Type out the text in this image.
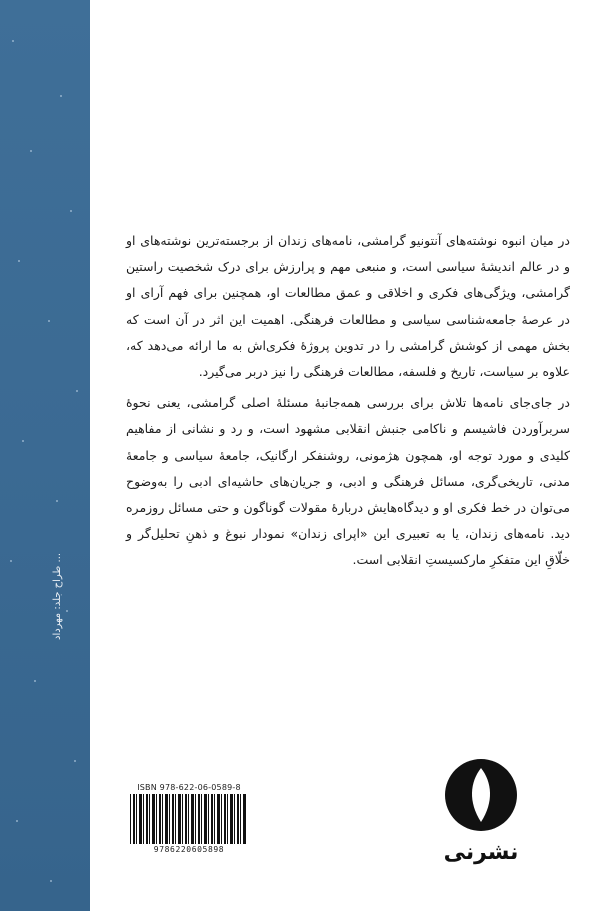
طراح جلد: مهرداد ...

در میان انبوه نوشته‌های آنتونیو گرامشی، نامه‌های زندان از برجسته‌ترین نوشته‌های او و در عالم اندیشهٔ سیاسی است، و منبعی مهم و پرارزش برای درک شخصیت راستین گرامشی، ویژگی‌های فکری و اخلاقی و عمق مطالعات او، همچنین برای فهم آرای او در عرصهٔ جامعه‌شناسی سیاسی و مطالعات فرهنگی. اهمیت این اثر در آن است که بخش مهمی از کوشش گرامشی را در تدوین پروژهٔ فکری‌اش به ما ارائه می‌دهد که، علاوه بر سیاست، تاریخ و فلسفه، مطالعات فرهنگی را نیز دربر می‌گیرد.

در جای‌جای نامه‌ها تلاش برای بررسی همه‌جانبهٔ مسئلهٔ اصلی گرامشی، یعنی نحوهٔ سربرآوردن فاشیسم و ناکامی جنبش انقلابی مشهود است، و رد و نشانی از مفاهیم کلیدی و مورد توجه او، همچون هژمونی، روشنفکر ارگانیک، جامعهٔ سیاسی و جامعهٔ مدنی، تاریخی‌گری، مسائل فرهنگی و ادبی، و جریان‌های حاشیه‌ای ادبی را به‌وضوح می‌توان در خط فکری او و دیدگاه‌هایش دربارهٔ مقولات گوناگون و حتی مسائل روزمره دید. نامه‌های زندان، یا به تعبیری این «اپرای زندان» نمودار نبوغ و ذهنِ تحلیل‌گر و خلّاقِ این متفکرِ مارکسیستِ انقلابی است.

ISBN 978-622-06-0589-8
9786220605898	نشرنی
